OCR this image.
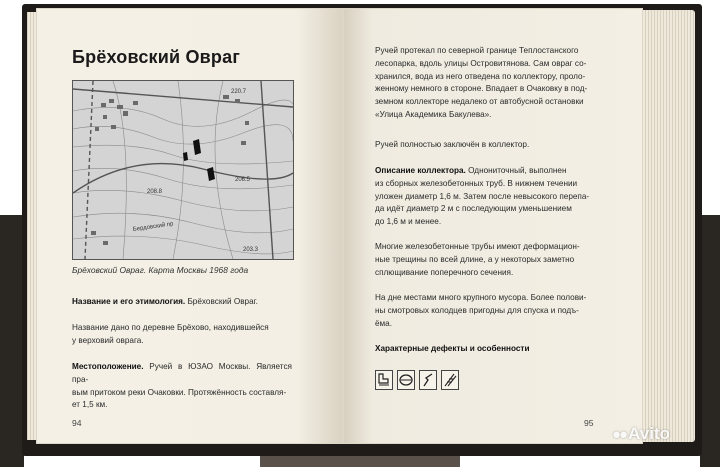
Брёховский Овраг
220.7
208.8
Бердовский пр
206.5
203.3
Брёховский Овраг. Карта Москвы 1968 года

Название и его этимология. Брёховский Овраг.

Название дано по деревне Брёхово, находившейся
у верховий оврага.

Местоположение. Ручей в ЮЗАО Москвы. Является пра-
вым притоком реки Очаковки. Протяжённость составля-
ет 1,5 км.

94

Ручей протекал по северной границе Теплостанского
лесопарка, вдоль улицы Островитянова. Сам овраг со-
хранился, вода из него отведена по коллектору, проло-
женному немного в стороне. Впадает в Очаковку в под-
земном коллекторе недалеко от автобусной остановки
«Улица Академика Бакулева».

Ручей полностью заключён в коллектор.

Описание коллектора. Однониточный, выполнен
из сборных железобетонных труб. В нижнем течении
уложен диаметр 1,6 м. Затем после невысокого перепа-
да идёт диаметр 2 м с последующим уменьшением
до 1,6 м и менее.

Многие железобетонные трубы имеют деформацион-
ные трещины по всей длине, а у некоторых заметно
сплющивание поперечного сечения.

На дне местами много крупного мусора. Более полови-
ны смотровых колодцев пригодны для спуска и подъ-
ёма.

Характерные дефекты и особенности

95
●● Avito
